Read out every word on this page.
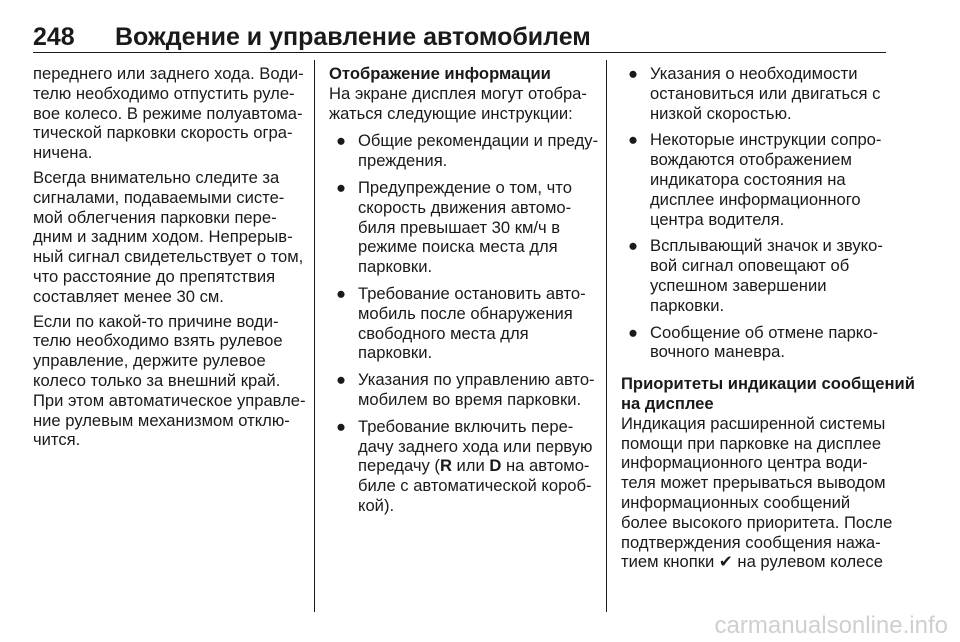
248 Вождение и управление автомобилем

переднего или заднего хода. Води-
телю необходимо отпустить руле-
вое колесо. В режиме полуавтома-
тической парковки скорость огра-
ничена.

Всегда внимательно следите за
сигналами, подаваемыми систе-
мой облегчения парковки пере-
дним и задним ходом. Непрерыв-
ный сигнал свидетельствует о том,
что расстояние до препятствия
составляет менее 30 см.

Если по какой-то причине води-
телю необходимо взять рулевое
управление, держите рулевое
колесо только за внешний край.
При этом автоматическое управле-
ние рулевым механизмом отклю-
чится.

Отображение информации

На экране дисплея могут отобра-
жаться следующие инструкции:

● Общие рекомендации и преду-
преждения.
● Предупреждение о том, что
скорость движения автомо-
биля превышает 30 км/ч в
режиме поиска места для
парковки.
● Требование остановить авто-
мобиль после обнаружения
свободного места для
парковки.
● Указания по управлению авто-
мобилем во время парковки.
● Требование включить пере-
дачу заднего хода или первую
передачу (R или D на автомо-
биле с автоматической короб-
кой).
● Указания о необходимости
остановиться или двигаться с
низкой скоростью.
● Некоторые инструкции сопро-
вождаются отображением
индикатора состояния на
дисплее информационного
центра водителя.
● Всплывающий значок и звуко-
вой сигнал оповещают об
успешном завершении
парковки.
● Сообщение об отмене парко-
вочного маневра.
Приоритеты индикации сообщений
на дисплее

Индикация расширенной системы
помощи при парковке на дисплее
информационного центра води-
теля может прерываться выводом
информационных сообщений
более высокого приоритета. После
подтверждения сообщения нажа-
тием кнопки ✔ на рулевом колесе

carmanualsonline.info
